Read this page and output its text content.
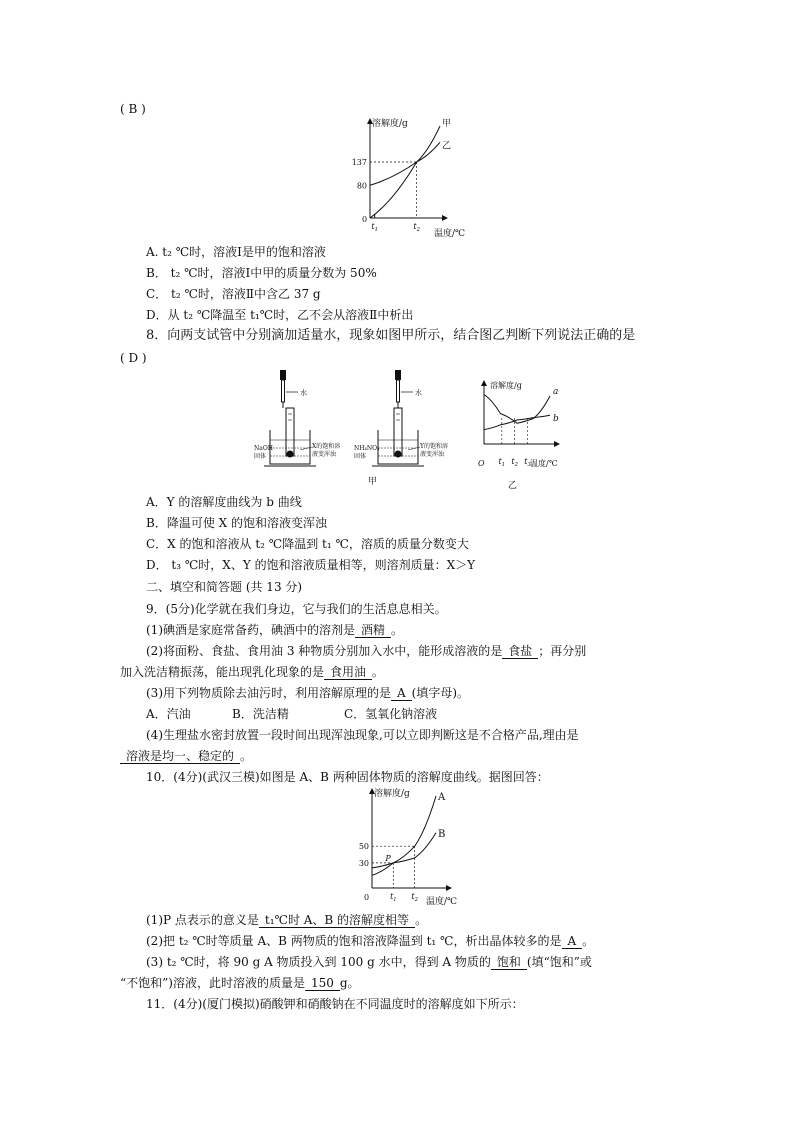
( B )
溶解度/g
温度/℃
0
137
80
$t_1$	$t_2$
甲
乙
A. t₂ ℃时，溶液Ⅰ是甲的饱和溶液
B． t₂ ℃时，溶液Ⅰ中甲的质量分数为 50%
C． t₂ ℃时，溶液Ⅱ中含乙 37 g
D．从 t₂ ℃降温至 t₁℃时，乙不会从溶液Ⅱ中析出
8．向两支试管中分别滴加适量水，现象如图甲所示，结合图乙判断下列说法正确的是
( D )
水
NaOH
固体
X的饱和溶
液变浑浊
水
NH₄NO₃
固体
Y的饱和溶
液变浑浊
甲
溶解度/g
温度/℃
O $t_1$ $t_2$ $t_3$
a
b
乙
A．Y 的溶解度曲线为 b 曲线
B．降温可使 X 的饱和溶液变浑浊
C．X 的饱和溶液从 t₂ ℃降温到 t₁ ℃，溶质的质量分数变大
D． t₃ ℃时，X、Y 的饱和溶液质量相等，则溶剂质量：X＞Y
二、填空和简答题 (共 13 分)
9．(5分)化学就在我们身边，它与我们的生活息息相关。
(1)碘酒是家庭常备药，碘酒中的溶剂是 酒精 。
(2)将面粉、食盐、食用油 3 种物质分别加入水中，能形成溶液的是 食盐 ；再分别
加入洗洁精振荡，能出现乳化现象的是 食用油 。
(3)用下列物质除去油污时，利用溶解原理的是 A (填字母)。
A．汽油	B．洗洁精	C．氢氧化钠溶液
(4)生理盐水密封放置一段时间出现浑浊现象,可以立即判断这是不合格产品,理由是
溶液是均一、稳定的 。
10．(4分)(武汉三模)如图是 A、B 两种固体物质的溶解度曲线。据图回答：
溶解度/g
温度/℃
0
50
30
$t_1$ $t_2$
A
B
P
(1)P 点表示的意义是 t₁℃时 A、B 的溶解度相等 。
(2)把 t₂ ℃时等质量 A、B 两物质的饱和溶液降温到 t₁ ℃，析出晶体较多的是 A 。
(3) t₂ ℃时，将 90 g A 物质投入到 100 g 水中，得到 A 物质的 饱和 (填“饱和”或
“不饱和”)溶液，此时溶液的质量是 150 g。
11．(4分)(厦门模拟)硝酸钾和硝酸钠在不同温度时的溶解度如下所示：
